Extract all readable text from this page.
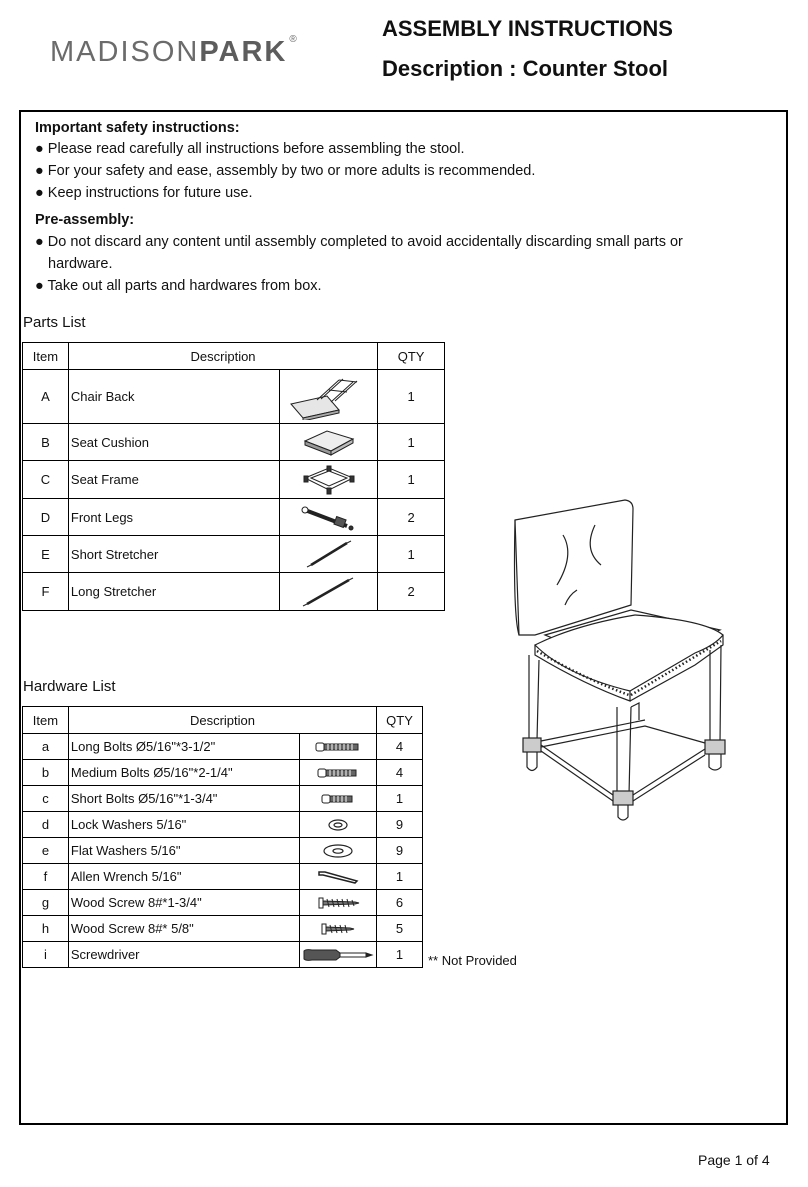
MADISONPARK ®	ASSEMBLY INSTRUCTIONS
Description : Counter Stool
Important safety instructions:
● Please read carefully all instructions before assembling the stool.
● For your safety and ease, assembly by two or more adults is recommended.
● Keep instructions for future use.
Pre-assembly:
● Do not discard any content until assembly completed to avoid accidentally discarding small parts or
hardware.
● Take out all parts and hardwares from box.
Parts List
Item	Description		QTY
A	Chair Back		1
B	Seat Cushion		1
C	Seat Frame		1
D	Front Legs		2
E	Short Stretcher		1
F	Long Stretcher		2
Hardware List
Item	Description		QTY
a	Long Bolts Ø5/16"*3-1/2"		4
b	Medium Bolts Ø5/16"*2-1/4"		4
c	Short Bolts Ø5/16"*1-3/4"		1
d	Lock Washers 5/16"		9
e	Flat Washers 5/16"		9
f	Allen Wrench 5/16"		1
g	Wood Screw 8#*1-3/4"		6
h	Wood Screw 8#* 5/8"		5
i	Screwdriver		1 ** Not Provided
Page 1 of 4
